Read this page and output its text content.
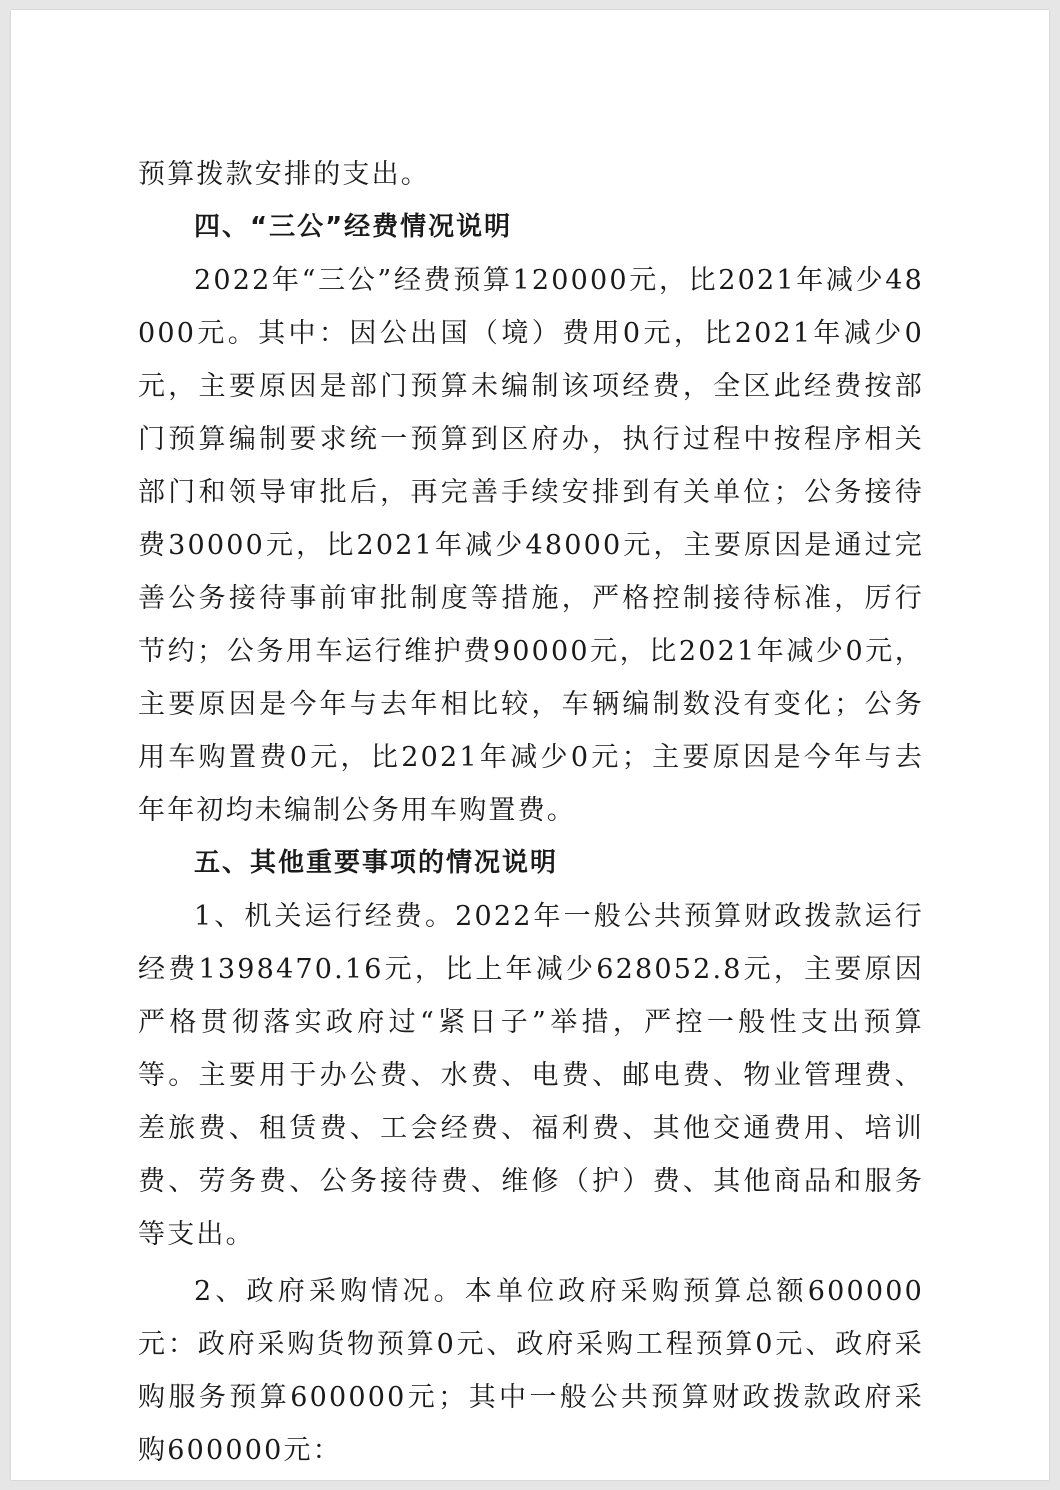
预算拨款安排的支出。

四、“三公”经费情况说明

2022年“三公”经费预算120000元，比2021年减少48000元。其中：因公出国（境）费用0元，比2021年减少0元，主要原因是部门预算未编制该项经费，全区此经费按部门预算编制要求统一预算到区府办，执行过程中按程序相关部门和领导审批后，再完善手续安排到有关单位；公务接待费30000元，比2021年减少48000元，主要原因是通过完善公务接待事前审批制度等措施，严格控制接待标准，厉行节约；公务用车运行维护费90000元，比2021年减少0元，主要原因是今年与去年相比较，车辆编制数没有变化；公务用车购置费0元，比2021年减少0元；主要原因是今年与去年年初均未编制公务用车购置费。

五、其他重要事项的情况说明

1、机关运行经费。2022年一般公共预算财政拨款运行经费1398470.16元，比上年减少628052.8元，主要原因严格贯彻落实政府过“紧日子”举措，严控一般性支出预算等。主要用于办公费、水费、电费、邮电费、物业管理费、差旅费、租赁费、工会经费、福利费、其他交通费用、培训费、劳务费、公务接待费、维修（护）费、其他商品和服务等支出。

2、政府采购情况。本单位政府采购预算总额600000元：政府采购货物预算0元、政府采购工程预算0元、政府采购服务预算600000元；其中一般公共预算财政拨款政府采购600000元：
